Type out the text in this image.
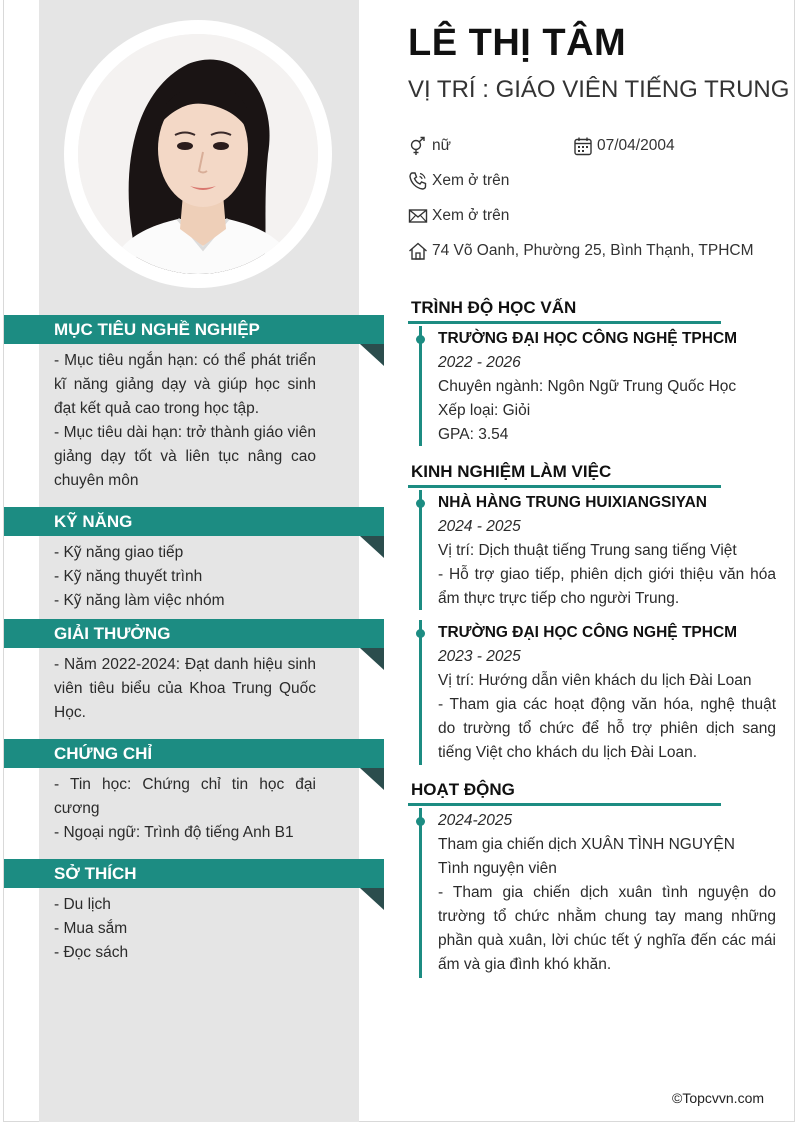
MỤC TIÊU NGHỀ NGHIỆP

- Mục tiêu ngắn hạn: có thể phát triển kĩ năng giảng dạy và giúp học sinh đạt kết quả cao trong học tập.

- Mục tiêu dài hạn: trở thành giáo viên giảng dạy tốt và liên tục nâng cao chuyên môn

KỸ NĂNG

- Kỹ năng giao tiếp

- Kỹ năng thuyết trình

- Kỹ năng làm việc nhóm

GIẢI THƯỞNG

- Năm 2022-2024: Đạt danh hiệu sinh viên tiêu biểu của Khoa Trung Quốc Học.

CHỨNG CHỈ

- Tin học: Chứng chỉ tin học đại cương

- Ngoại ngữ: Trình độ tiếng Anh B1

SỞ THÍCH

- Du lịch

- Mua sắm

- Đọc sách

LÊ THỊ TÂM
VỊ TRÍ : GIÁO VIÊN TIẾNG TRUNG
nữ	07/04/2004
Xem ở trên
Xem ở trên
74 Võ Oanh, Phường 25, Bình Thạnh, TPHCM
TRÌNH ĐỘ HỌC VẤN

TRƯỜNG ĐẠI HỌC CÔNG NGHỆ TPHCM

2022 - 2026

Chuyên ngành: Ngôn Ngữ Trung Quốc Học

Xếp loại: Giỏi

GPA: 3.54

KINH NGHIỆM LÀM VIỆC

NHÀ HÀNG TRUNG HUIXIANGSIYAN

2024 - 2025

Vị trí: Dịch thuật tiếng Trung sang tiếng Việt

- Hỗ trợ giao tiếp, phiên dịch giới thiệu văn hóa ẩm thực trực tiếp cho người Trung.

TRƯỜNG ĐẠI HỌC CÔNG NGHỆ TPHCM

2023 - 2025

Vị trí: Hướng dẫn viên khách du lịch Đài Loan

- Tham gia các hoạt động văn hóa, nghệ thuật do trường tổ chức để hỗ trợ phiên dịch sang tiếng Việt cho khách du lịch Đài Loan.

HOẠT ĐỘNG

2024-2025

Tham gia chiến dịch XUÂN TÌNH NGUYỆN

Tình nguyện viên

- Tham gia chiến dịch xuân tình nguyện do trường tổ chức nhằm chung tay mang những phần quà xuân, lời chúc tết ý nghĩa đến các mái ấm và gia đình khó khăn.

©Topcvvn.com
